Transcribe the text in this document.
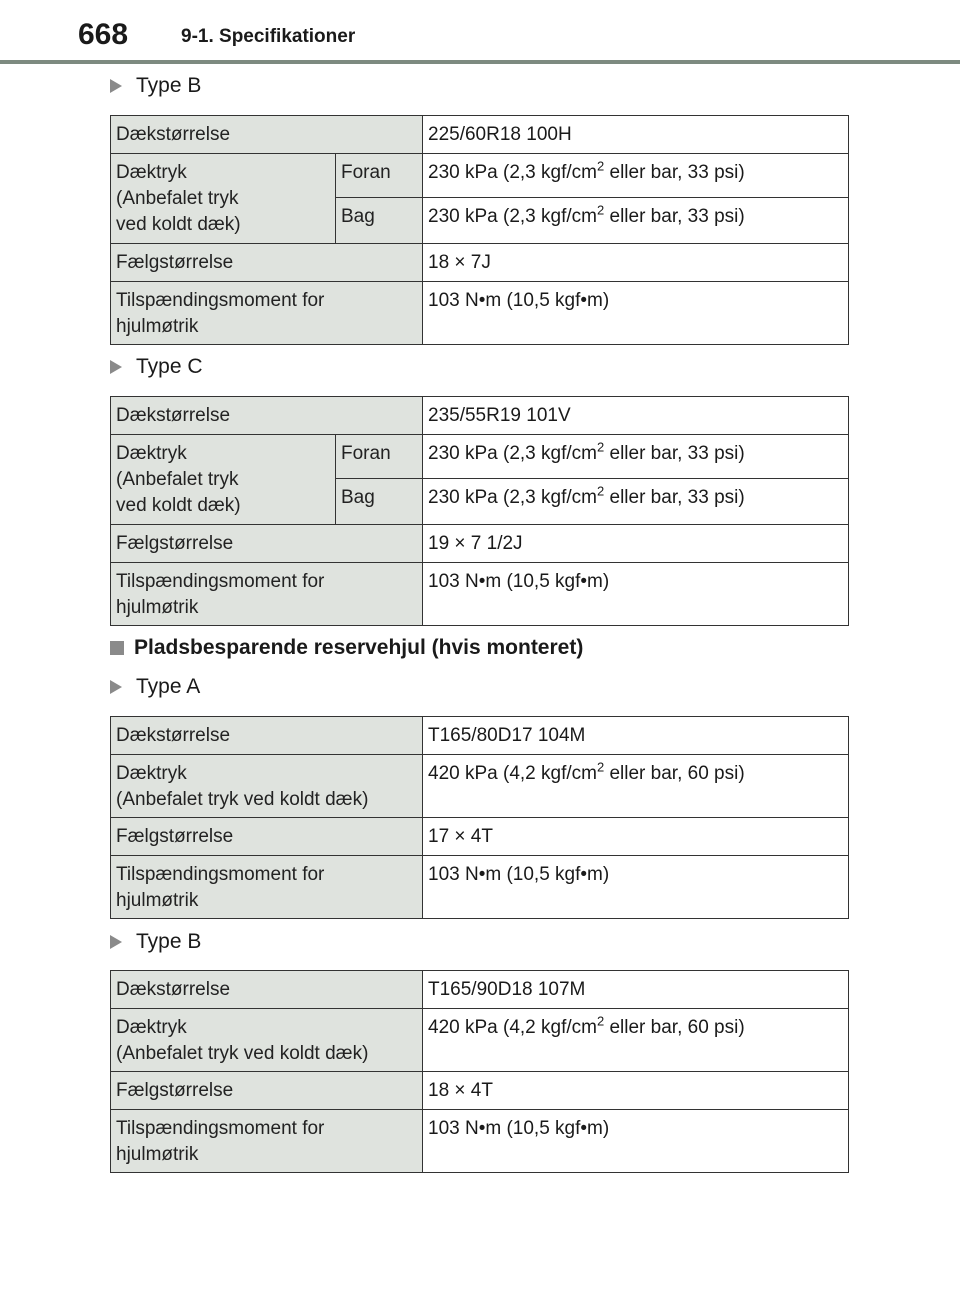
668	9-1. Specifikationer
Type B
Dækstørrelse		225/60R18 100H

Dæktryk
(Anbefalet tryk
ved koldt dæk)	Foran	230 kPa (2,3 kgf/$cm^2$ eller bar, 33 psi)
	Bag	230 kPa (2,3 kgf/$cm^2$ eller bar, 33 psi)
Fælgstørrelse		18 × 7J

Tilspændingsmoment for
hjulmøtrik		103 N•m (10,5 kgf•m)
Type C
Dækstørrelse		235/55R19 101V

Dæktryk
(Anbefalet tryk
ved koldt dæk)	Foran	230 kPa (2,3 kgf/$cm^2$ eller bar, 33 psi)
	Bag	230 kPa (2,3 kgf/$cm^2$ eller bar, 33 psi)
Fælgstørrelse		19 × 7 1/2J

Tilspændingsmoment for
hjulmøtrik		103 N•m (10,5 kgf•m)
Pladsbesparende reservehjul (hvis monteret)
Type A
Dækstørrelse	T165/80D17 104M

Dæktryk
(Anbefalet tryk ved koldt dæk)	420 kPa (4,2 kgf/$cm^2$ eller bar, 60 psi)
Fælgstørrelse	17 × 4T

Tilspændingsmoment for
hjulmøtrik	103 N•m (10,5 kgf•m)
Type B
Dækstørrelse	T165/90D18 107M

Dæktryk
(Anbefalet tryk ved koldt dæk)	420 kPa (4,2 kgf/$cm^2$ eller bar, 60 psi)
Fælgstørrelse	18 × 4T

Tilspændingsmoment for
hjulmøtrik	103 N•m (10,5 kgf•m)
